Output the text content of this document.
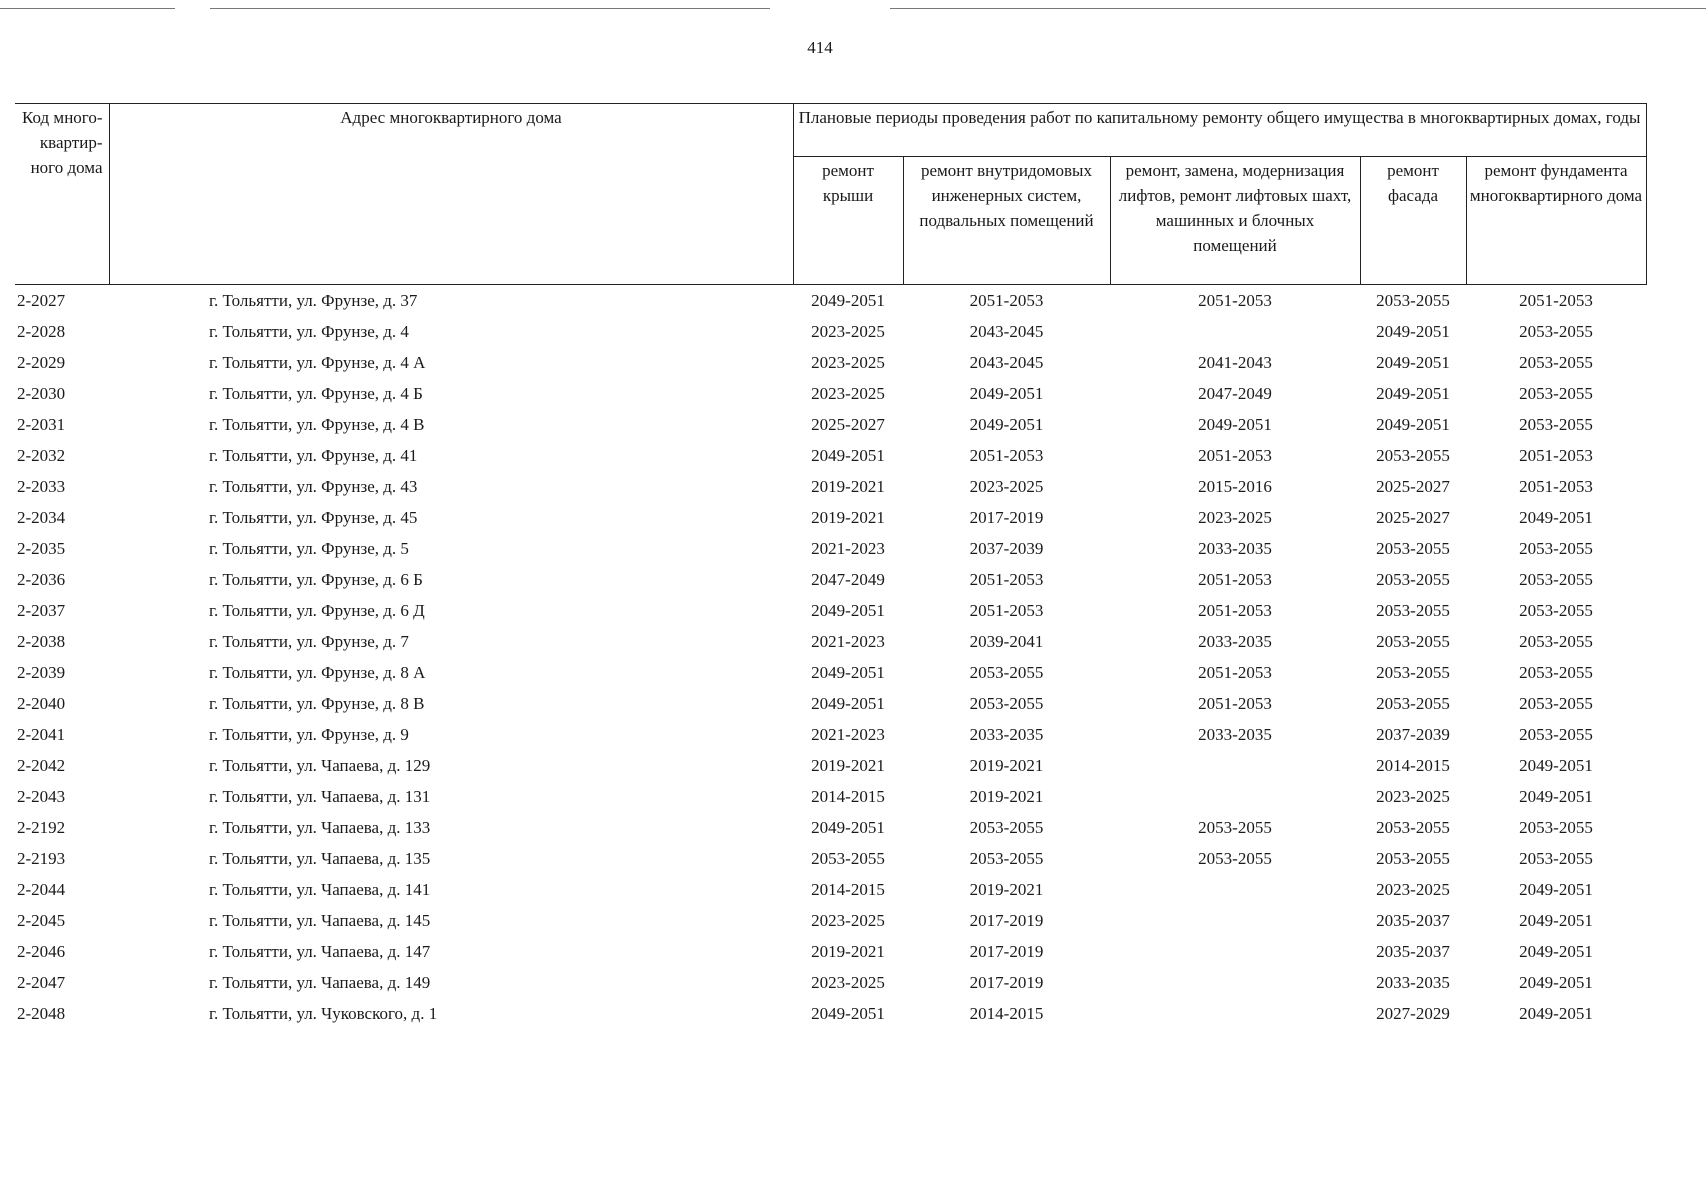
414
Код много-квартир-ного дома	Адрес многоквартирного дома	Плановые периоды проведения работ по капитальному ремонту общего имущества в многоквартирных домах, годы				
		ремонт крыши	ремонт внутридомовых инженерных систем, подвальных помещений	ремонт, замена, модернизация лифтов, ремонт лифтовых шахт, машинных и блочных помещений	ремонт фасада	ремонт фундамента многоквартирного дома
2-2027	г. Тольятти, ул. Фрунзе, д. 37	2049-2051	2051-2053	2051-2053	2053-2055	2051-2053
2-2028	г. Тольятти, ул. Фрунзе, д. 4	2023-2025	2043-2045		2049-2051	2053-2055
2-2029	г. Тольятти, ул. Фрунзе, д. 4 А	2023-2025	2043-2045	2041-2043	2049-2051	2053-2055
2-2030	г. Тольятти, ул. Фрунзе, д. 4 Б	2023-2025	2049-2051	2047-2049	2049-2051	2053-2055
2-2031	г. Тольятти, ул. Фрунзе, д. 4 В	2025-2027	2049-2051	2049-2051	2049-2051	2053-2055
2-2032	г. Тольятти, ул. Фрунзе, д. 41	2049-2051	2051-2053	2051-2053	2053-2055	2051-2053
2-2033	г. Тольятти, ул. Фрунзе, д. 43	2019-2021	2023-2025	2015-2016	2025-2027	2051-2053
2-2034	г. Тольятти, ул. Фрунзе, д. 45	2019-2021	2017-2019	2023-2025	2025-2027	2049-2051
2-2035	г. Тольятти, ул. Фрунзе, д. 5	2021-2023	2037-2039	2033-2035	2053-2055	2053-2055
2-2036	г. Тольятти, ул. Фрунзе, д. 6 Б	2047-2049	2051-2053	2051-2053	2053-2055	2053-2055
2-2037	г. Тольятти, ул. Фрунзе, д. 6 Д	2049-2051	2051-2053	2051-2053	2053-2055	2053-2055
2-2038	г. Тольятти, ул. Фрунзе, д. 7	2021-2023	2039-2041	2033-2035	2053-2055	2053-2055
2-2039	г. Тольятти, ул. Фрунзе, д. 8 А	2049-2051	2053-2055	2051-2053	2053-2055	2053-2055
2-2040	г. Тольятти, ул. Фрунзе, д. 8 В	2049-2051	2053-2055	2051-2053	2053-2055	2053-2055
2-2041	г. Тольятти, ул. Фрунзе, д. 9	2021-2023	2033-2035	2033-2035	2037-2039	2053-2055
2-2042	г. Тольятти, ул. Чапаева, д. 129	2019-2021	2019-2021		2014-2015	2049-2051
2-2043	г. Тольятти, ул. Чапаева, д. 131	2014-2015	2019-2021		2023-2025	2049-2051
2-2192	г. Тольятти, ул. Чапаева, д. 133	2049-2051	2053-2055	2053-2055	2053-2055	2053-2055
2-2193	г. Тольятти, ул. Чапаева, д. 135	2053-2055	2053-2055	2053-2055	2053-2055	2053-2055
2-2044	г. Тольятти, ул. Чапаева, д. 141	2014-2015	2019-2021		2023-2025	2049-2051
2-2045	г. Тольятти, ул. Чапаева, д. 145	2023-2025	2017-2019		2035-2037	2049-2051
2-2046	г. Тольятти, ул. Чапаева, д. 147	2019-2021	2017-2019		2035-2037	2049-2051
2-2047	г. Тольятти, ул. Чапаева, д. 149	2023-2025	2017-2019		2033-2035	2049-2051
2-2048	г. Тольятти, ул. Чуковского, д. 1	2049-2051	2014-2015		2027-2029	2049-2051
